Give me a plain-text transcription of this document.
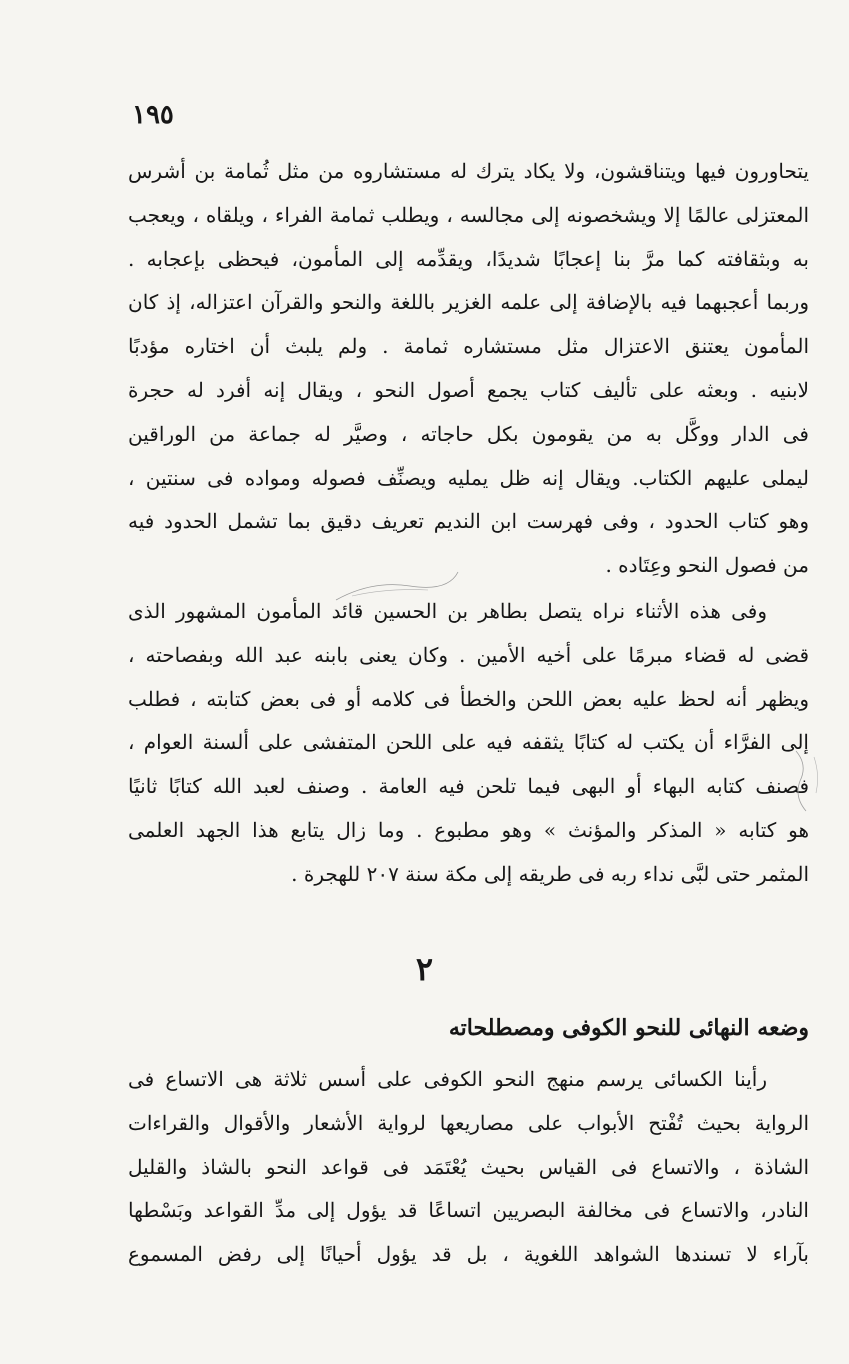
١٩٥
يتحاورون فيها ويتناقشون، ولا يكاد يترك له مستشاروه من مثل ثُمامة بن أشرس
المعتزلى عالمًا إلا ويشخصونه إلى مجالسه ، ويطلب ثمامة الفراء ، ويلقاه ، ويعجب
به وبثقافته كما مرَّ بنا إعجابًا شديدًا، ويقدِّمه إلى المأمون، فيحظى بإعجابه .
وربما أعجبهما فيه بالإضافة إلى علمه الغزير باللغة والنحو والقرآن اعتزاله، إذ كان
المأمون يعتنق الاعتزال مثل مستشاره ثمامة . ولم يلبث أن اختاره مؤدبًا
لابنيه . وبعثه على تأليف كتاب يجمع أصول النحو ، ويقال إنه أفرد له حجرة
فى الدار ووكَّل به من يقومون بكل حاجاته ، وصيَّر له جماعة من الوراقين
ليملى عليهم الكتاب. ويقال إنه ظل يمليه ويصنِّف فصوله ومواده فى سنتين ،
وهو كتاب الحدود ، وفى فهرست ابن النديم تعريف دقيق بما تشمل الحدود فيه
من فصول النحو وعِتَاده .
وفى هذه الأثناء نراه يتصل بطاهر بن الحسين قائد المأمون المشهور الذى
قضى له قضاء مبرمًا على أخيه الأمين . وكان يعنى بابنه عبد الله وبفصاحته ،
ويظهر أنه لحظ عليه بعض اللحن والخطأ فى كلامه أو فى بعض كتابته ، فطلب
إلى الفرَّاء أن يكتب له كتابًا يثقفه فيه على اللحن المتفشى على ألسنة العوام ،
فصنف كتابه البهاء أو البهى فيما تلحن فيه العامة . وصنف لعبد الله كتابًا ثانيًا
هو كتابه « المذكر والمؤنث » وهو مطبوع . وما زال يتابع هذا الجهد العلمى
المثمر حتى لبَّى نداء ربه فى طريقه إلى مكة سنة ٢٠٧ للهجرة .
٢
وضعه النهائى للنحو الكوفى ومصطلحاته
رأينا الكسائى يرسم منهج النحو الكوفى على أسس ثلاثة هى الاتساع فى
الرواية بحيث تُفْتح الأبواب على مصاريعها لرواية الأشعار والأقوال والقراءات
الشاذة ، والاتساع فى القياس بحيث يُعْتَمَد فى قواعد النحو بالشاذ والقليل
النادر، والاتساع فى مخالفة البصريين اتساعًا قد يؤول إلى مدِّ القواعد وبَسْطها
بآراء لا تسندها الشواهد اللغوية ، بل قد يؤول أحيانًا إلى رفض المسموع
